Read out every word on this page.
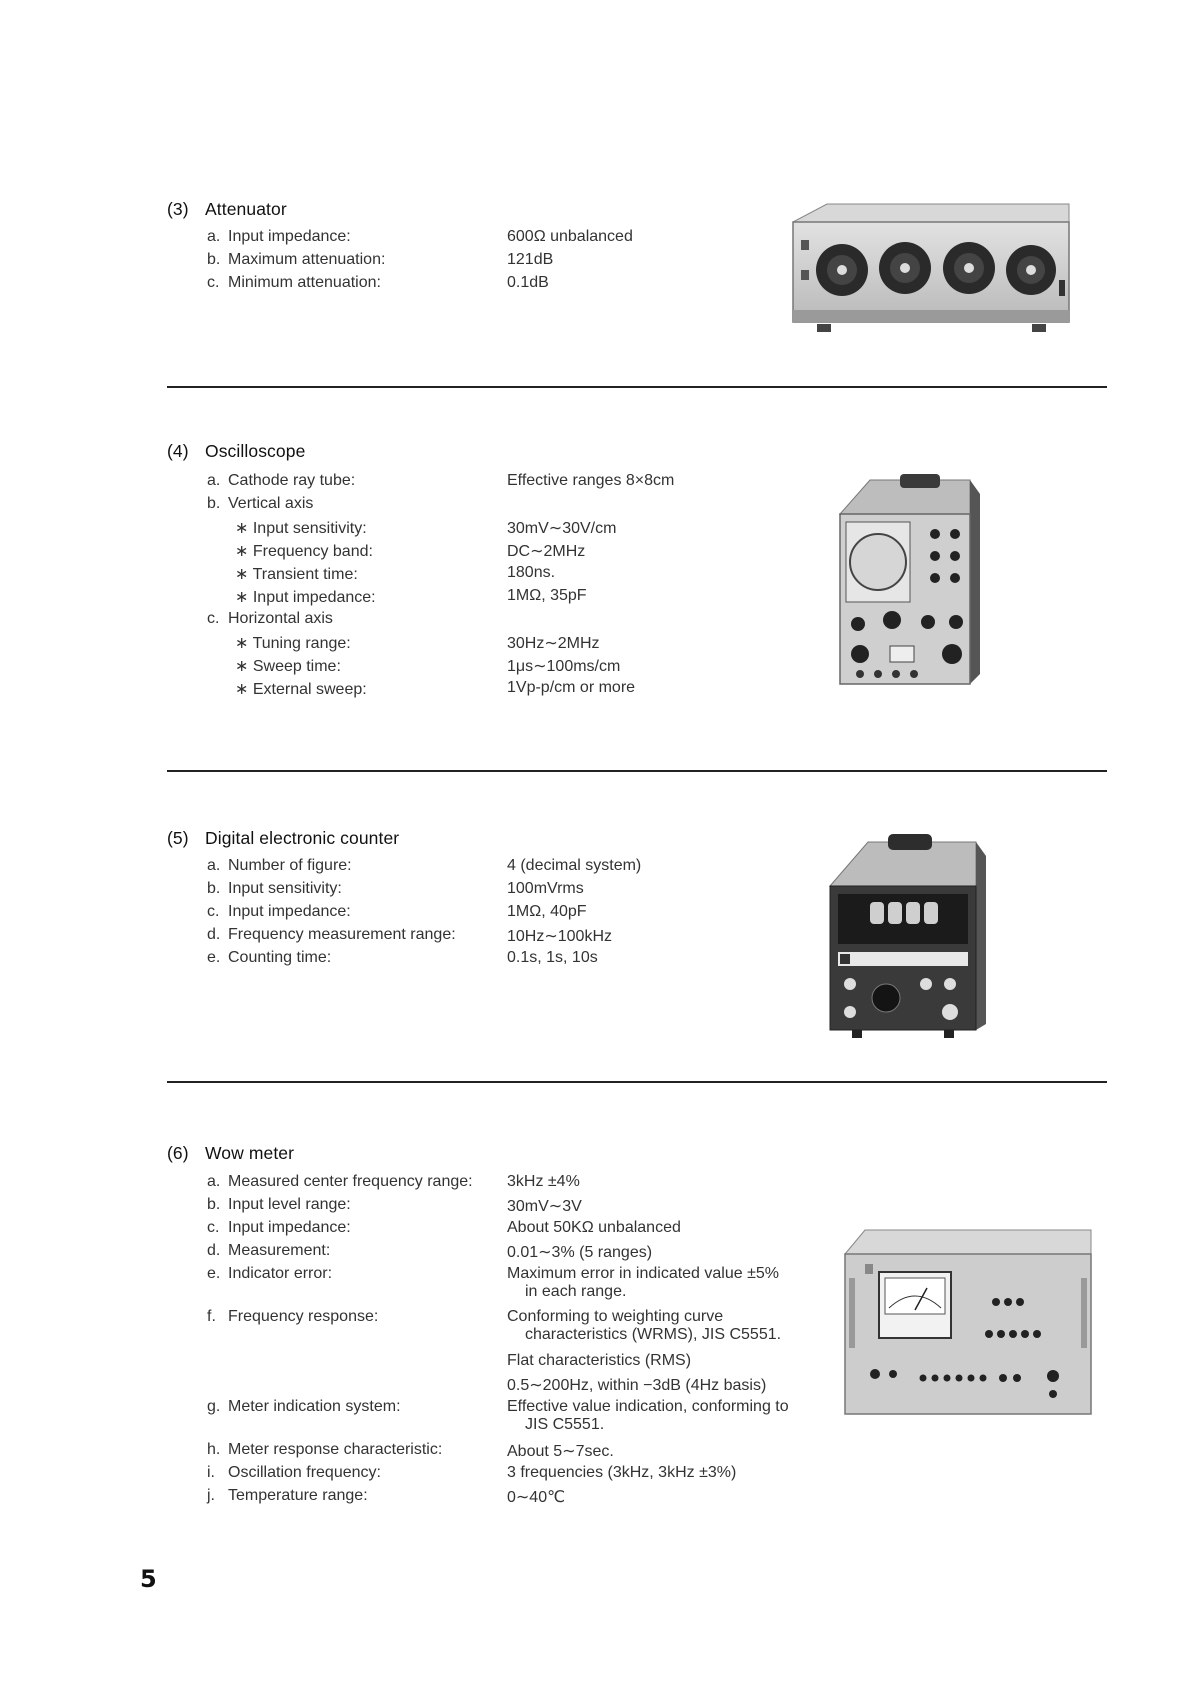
(3) Attenuator
a. Input impedance:	600Ω unbalanced
b. Maximum attenuation:	121dB
c. Minimum attenuation:	0.1dB
(4) Oscilloscope
a. Cathode ray tube:	Effective ranges 8×8cm
b. Vertical axis
∗ Input sensitivity:	30mV∼30V/cm
∗ Frequency band:	DC∼2MHz
∗ Transient time:	180ns.
∗ Input impedance:	1MΩ, 35pF
c. Horizontal axis
∗ Tuning range:	30Hz∼2MHz
∗ Sweep time:	1μs∼100ms/cm
∗ External sweep:	1Vp-p/cm or more
(5) Digital electronic counter
a. Number of figure:	4 (decimal system)
b. Input sensitivity:	100mVrms
c. Input impedance:	1MΩ, 40pF
d. Frequency measurement range:	10Hz∼100kHz
e. Counting time:	0.1s, 1s, 10s
(6) Wow meter
a. Measured center frequency range: 3kHz ±4%
b. Input level range:	30mV∼3V
c. Input impedance:	About 50KΩ unbalanced
d. Measurement:	0.01∼3% (5 ranges)
e. Indicator error:	Maximum error in indicated value ±5%
in each range.
f. Frequency response:	Conforming to weighting curve
characteristics (WRMS), JIS C5551.
Flat characteristics (RMS)
0.5∼200Hz, within −3dB (4Hz basis)
g. Meter indication system:	Effective value indication, conforming to
JIS C5551.
h. Meter response characteristic:	About 5∼7sec.
i. Oscillation frequency:	3 frequencies (3kHz, 3kHz ±3%)
j. Temperature range:	0∼40℃
5
